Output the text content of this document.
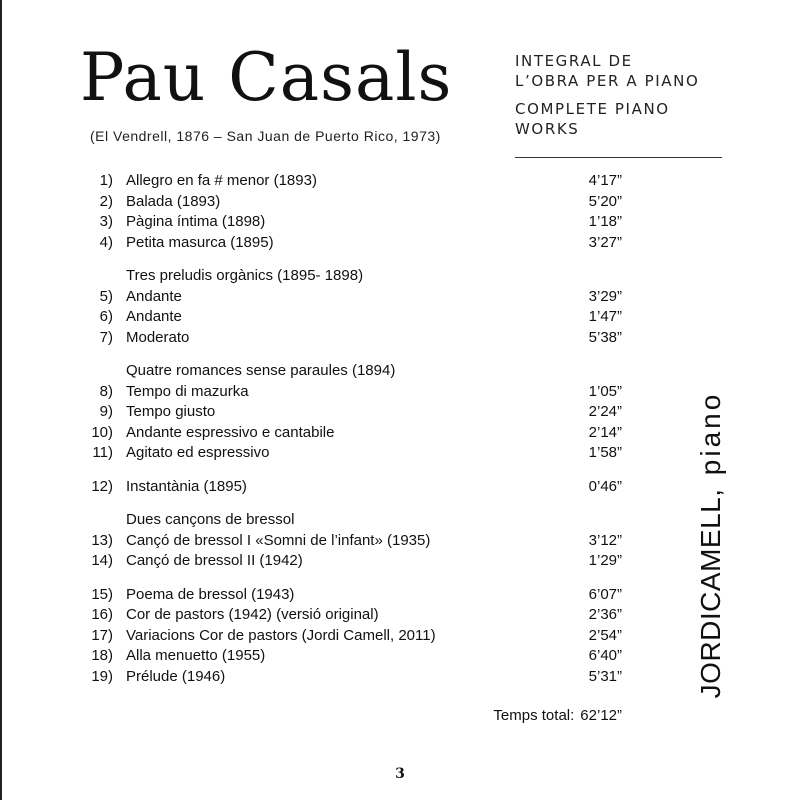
Pau Casals
(El Vendrell, 1876 – San Juan de Puerto Rico, 1973)
INTEGRAL DE
L’OBRA PER A PIANO
COMPLETE PIANO
WORKS
1) Allegro en fa # menor (1893)	4’17”
2) Balada (1893)	5’20”
3) Pàgina íntima (1898)	1’18”
4) Petita masurca (1895)	3’27”
Tres preludis orgànics (1895- 1898)
5) Andante	3’29”
6) Andante	1’47”
7) Moderato	5’38”
Quatre romances sense paraules (1894)
8) Tempo di mazurka	1’05”
9) Tempo giusto	2’24”
10) Andante espressivo e cantabile	2’14”
11) Agitato ed espressivo	1’58”
12) Instantània (1895)	0’46”
Dues cançons de bressol
13) Cançó de bressol I «Somni de l’infant» (1935)	3’12”
14) Cançó de bressol II (1942)	1’29”
15) Poema de bressol (1943)	6’07”
16) Cor de pastors (1942) (versió original)	2’36”
17) Variacions Cor de pastors (Jordi Camell, 2011)	2’54”
18) Alla menuetto (1955)	6’40”
19) Prélude (1946)	5’31”
Temps total: 62’12”
JORDICAMELL, piano
3
